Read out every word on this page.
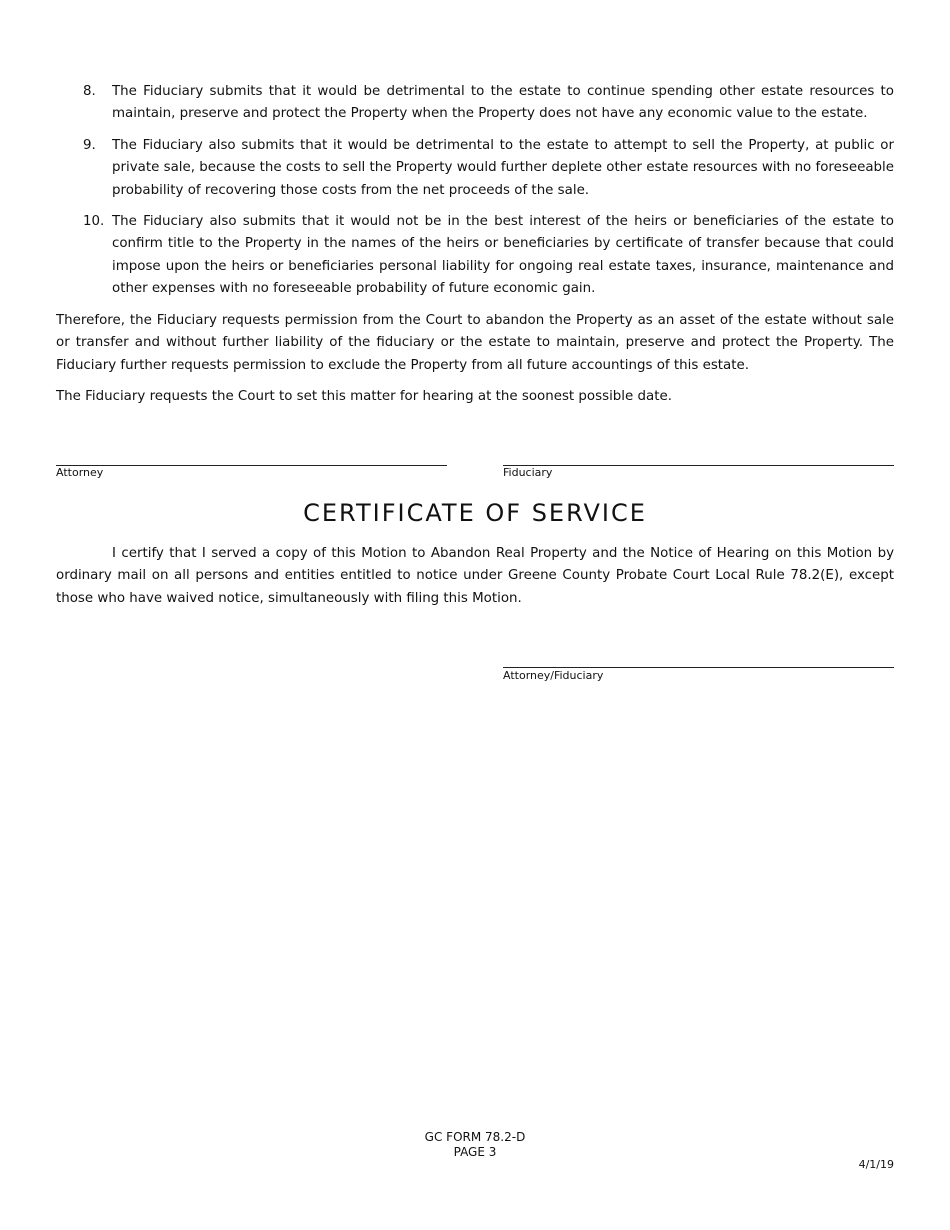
8.	The Fiduciary submits that it would be detrimental to the estate to continue spending other estate resources to maintain, preserve and protect the Property when the Property does not have any economic value to the estate.
9.	The Fiduciary also submits that it would be detrimental to the estate to attempt to sell the Property, at public or private sale, because the costs to sell the Property would further deplete other estate resources with no foreseeable probability of recovering those costs from the net proceeds of the sale.
10. The Fiduciary also submits that it would not be in the best interest of the heirs or beneficiaries of the estate to confirm title to the Property in the names of the heirs or beneficiaries by certificate of transfer because that could impose upon the heirs or beneficiaries personal liability for ongoing real estate taxes, insurance, maintenance and other expenses with no foreseeable probability of future economic gain.
Therefore, the Fiduciary requests permission from the Court to abandon the Property as an asset of the estate without sale or transfer and without further liability of the fiduciary or the estate to maintain, preserve and protect the Property. The Fiduciary further requests permission to exclude the Property from all future accountings of this estate.
The Fiduciary requests the Court to set this matter for hearing at the soonest possible date.
Attorney	Fiduciary
CERTIFICATE OF SERVICE
I certify that I served a copy of this Motion to Abandon Real Property and the Notice of Hearing on this Motion by ordinary mail on all persons and entities entitled to notice under Greene County Probate Court Local Rule 78.2(E), except those who have waived notice, simultaneously with filing this Motion.
Attorney/Fiduciary
GC FORM 78.2-D
PAGE 3
4/1/19
